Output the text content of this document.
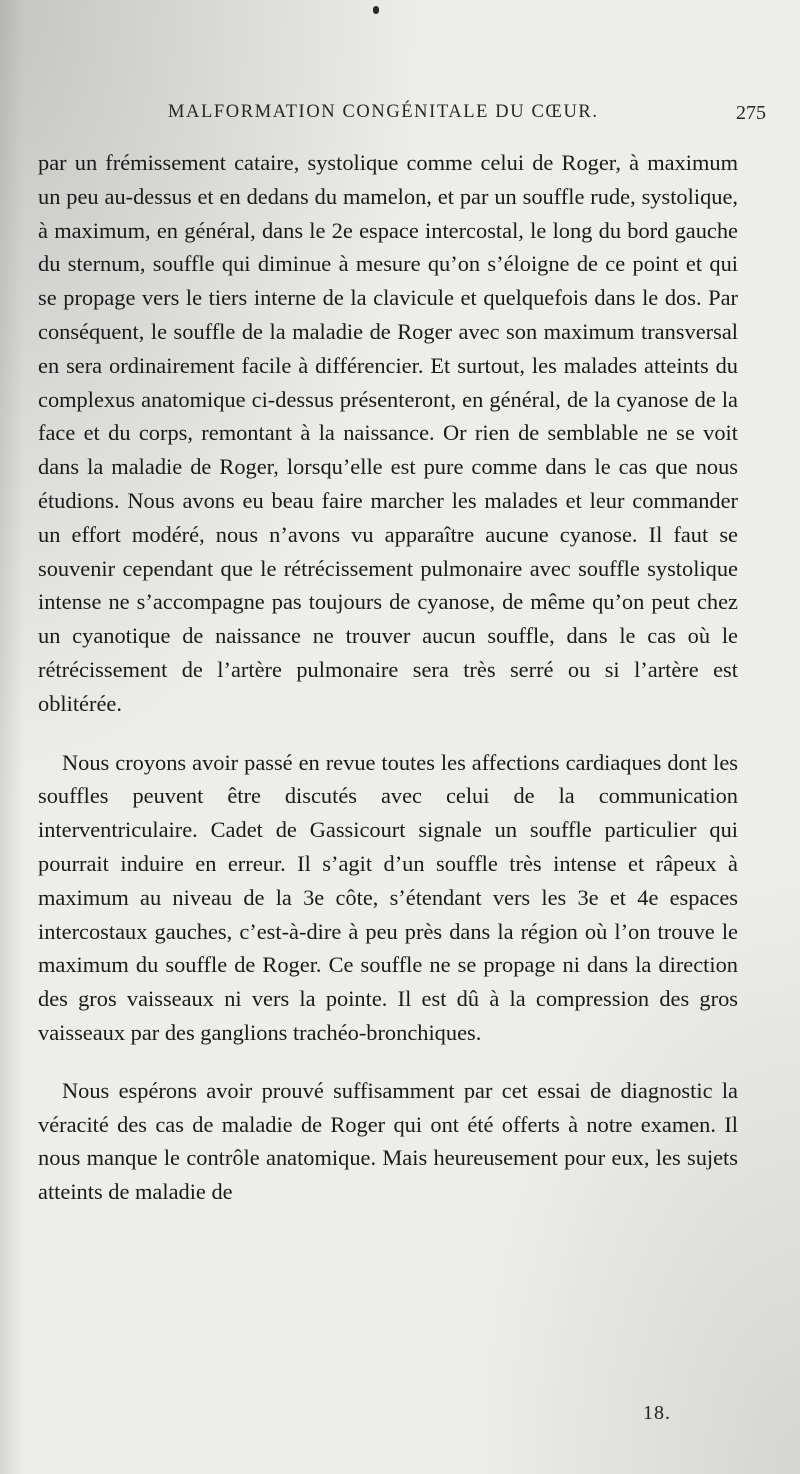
MALFORMATION CONGÉNITALE DU CŒUR.	275

par un frémissement cataire, systolique comme celui de Roger, à maximum un peu au-dessus et en dedans du mamelon, et par un souffle rude, systolique, à maximum, en général, dans le 2e espace intercostal, le long du bord gauche du sternum, souffle qui diminue à mesure qu’on s’éloigne de ce point et qui se propage vers le tiers interne de la clavicule et quelquefois dans le dos. Par conséquent, le souffle de la maladie de Roger avec son maximum transversal en sera ordinairement facile à différencier. Et surtout, les malades atteints du complexus anatomique ci-dessus présenteront, en général, de la cyanose de la face et du corps, remontant à la naissance. Or rien de semblable ne se voit dans la maladie de Roger, lorsqu’elle est pure comme dans le cas que nous étudions. Nous avons eu beau faire marcher les malades et leur commander un effort modéré, nous n’avons vu apparaître aucune cyanose. Il faut se souvenir cependant que le rétrécissement pulmonaire avec souffle systolique intense ne s’accompagne pas toujours de cyanose, de même qu’on peut chez un cyanotique de naissance ne trouver aucun souffle, dans le cas où le rétrécissement de l’artère pulmonaire sera très serré ou si l’artère est oblitérée.

Nous croyons avoir passé en revue toutes les affections cardiaques dont les souffles peuvent être discutés avec celui de la communication interventriculaire. Cadet de Gassicourt signale un souffle particulier qui pourrait induire en erreur. Il s’agit d’un souffle très intense et râpeux à maximum au niveau de la 3e côte, s’étendant vers les 3e et 4e espaces intercostaux gauches, c’est-à-dire à peu près dans la région où l’on trouve le maximum du souffle de Roger. Ce souffle ne se propage ni dans la direction des gros vaisseaux ni vers la pointe. Il est dû à la compression des gros vaisseaux par des ganglions trachéo-bronchiques.

Nous espérons avoir prouvé suffisamment par cet essai de diagnostic la véracité des cas de maladie de Roger qui ont été offerts à notre examen. Il nous manque le contrôle anatomique. Mais heureusement pour eux, les sujets atteints de maladie de

18.
